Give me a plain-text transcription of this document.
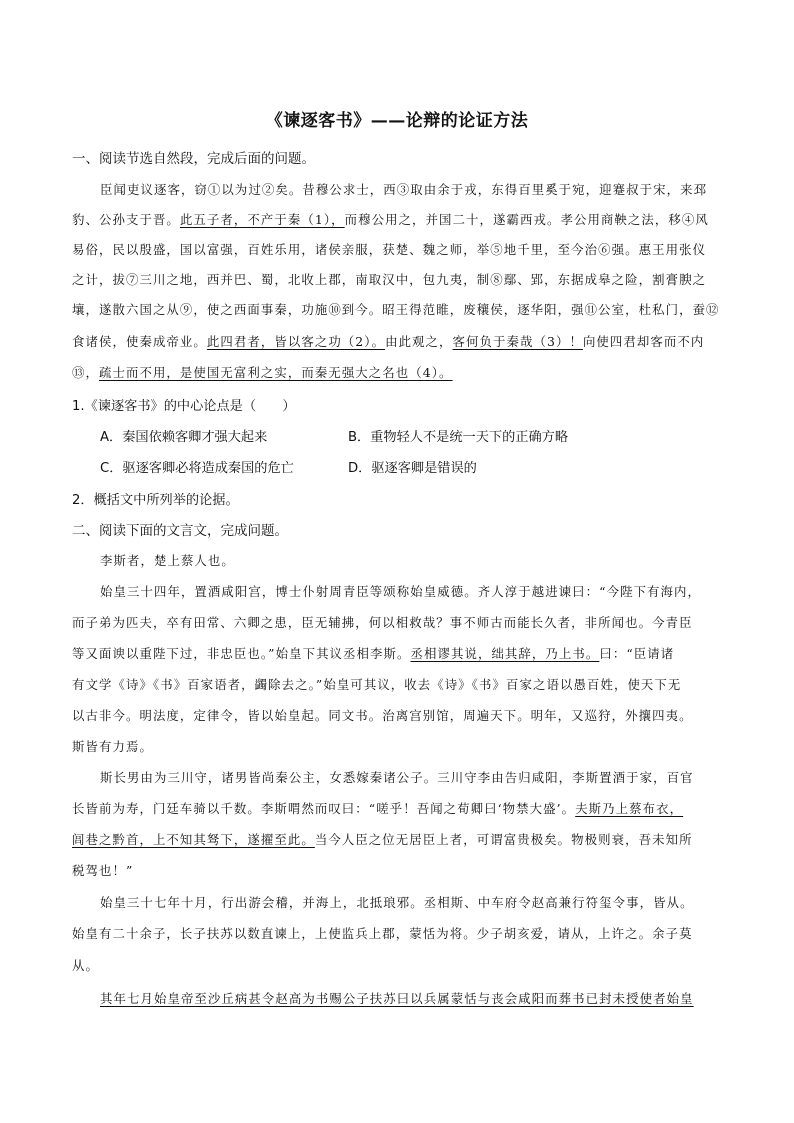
《谏逐客书》——论辩的论证方法
一、阅读节选自然段，完成后面的问题。
臣闻吏议逐客，窃①以为过②矣。昔穆公求士，西③取由余于戎，东得百里奚于宛，迎蹇叔于宋，来邳
豹、公孙支于晋。此五子者，不产于秦（1），而穆公用之，并国二十，遂霸西戎。孝公用商鞅之法，移④风
易俗，民以殷盛，国以富强，百姓乐用，诸侯亲服，获楚、魏之师，举⑤地千里，至今治⑥强。惠王用张仪
之计，拔⑦三川之地，西并巴、蜀，北收上郡，南取汉中，包九夷，制⑧鄢、郢，东据成皋之险，割膏腴之
壤，遂散六国之从⑨，使之西面事秦，功施⑩到今。昭王得范睢，废穰侯，逐华阳，强⑪公室，杜私门，蚕⑫
食诸侯，使秦成帝业。此四君者，皆以客之功（2）。由此观之，客何负于秦哉（3）！向使四君却客而不内
⑬，疏士而不用，是使国无富利之实，而秦无强大之名也（4）。
1.《谏逐客书》的中心论点是（　　）
A．秦国依赖客卿才强大起来	B．重物轻人不是统一天下的正确方略
C．驱逐客卿必将造成秦国的危亡	D．驱逐客卿是错误的
2．概括文中所列举的论据。
二、阅读下面的文言文，完成问题。
李斯者，楚上蔡人也。
始皇三十四年，置酒咸阳宫，博士仆射周青臣等颂称始皇威德。齐人淳于越进谏曰：“今陛下有海内，
而子弟为匹夫，卒有田常、六卿之患，臣无辅拂，何以相救哉？事不师古而能长久者，非所闻也。今青臣
等又面谀以重陛下过，非忠臣也。”始皇下其议丞相李斯。丞相谬其说，绌其辞，乃上书。曰：“臣请诸
有文学《诗》《书》百家语者，蠲除去之。”始皇可其议，收去《诗》《书》百家之语以愚百姓，使天下无
以古非今。明法度，定律令，皆以始皇起。同文书。治离宫别馆，周遍天下。明年，又巡狩，外攘四夷。
斯皆有力焉。
斯长男由为三川守，诸男皆尚秦公主，女悉嫁秦诸公子。三川守李由告归咸阳，李斯置酒于家，百官
长皆前为寿，门廷车骑以千数。李斯喟然而叹曰：“嗟乎！吾闻之荀卿曰‘物禁大盛’。夫斯乃上蔡布衣，
闾巷之黔首，上不知其驽下，遂擢至此。当今人臣之位无居臣上者，可谓富贵极矣。物极则衰，吾未知所
税驾也！”
始皇三十七年十月，行出游会稽，并海上，北抵琅邪。丞相斯、中车府令赵高兼行符玺令事，皆从。
始皇有二十余子，长子扶苏以数直谏上，上使监兵上郡，蒙恬为将。少子胡亥爱，请从，上许之。余子莫
从。
其年七月始皇帝至沙丘病甚令赵高为书赐公子扶苏曰以兵属蒙恬与丧会咸阳而葬书已封未授使者始皇
